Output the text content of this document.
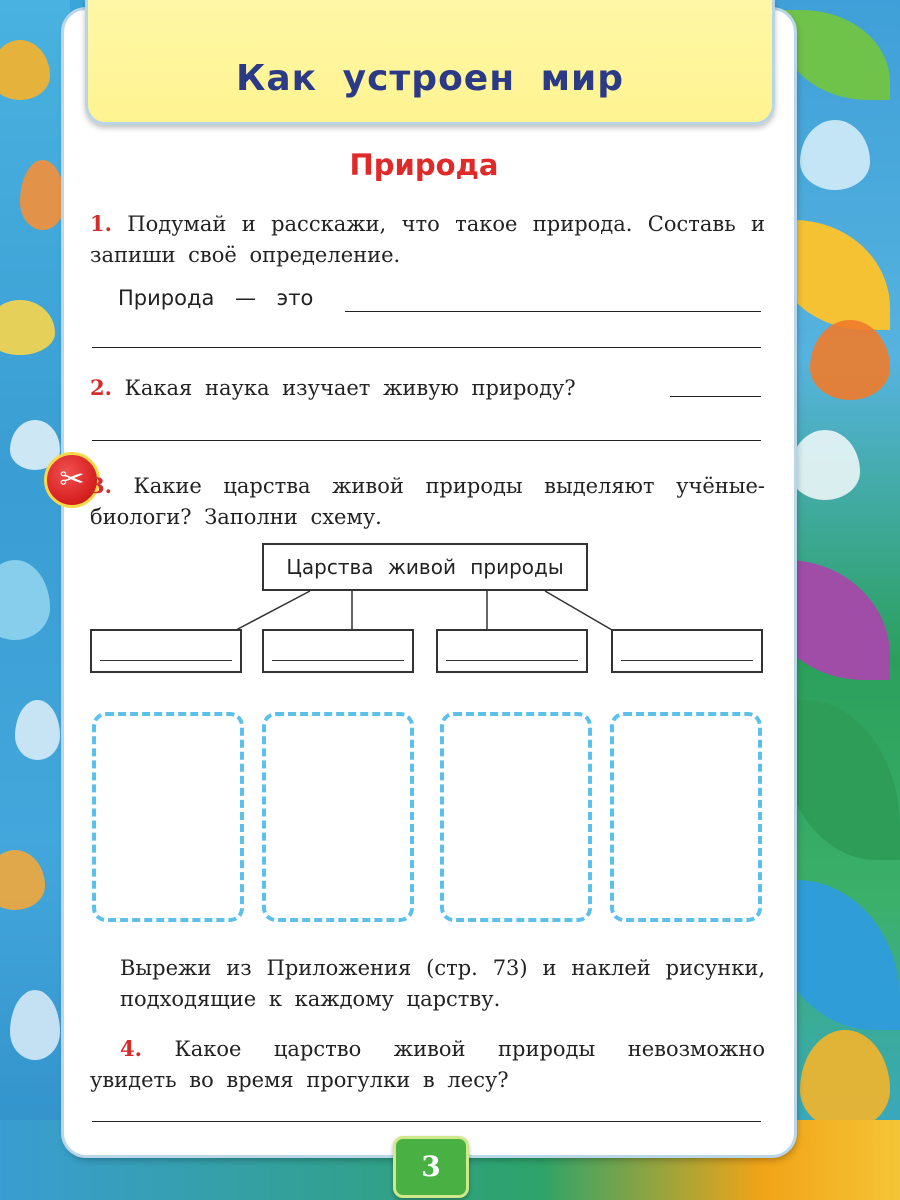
Как устроен мир
Природа
1. Подумай и расскажи, что такое природа. Составь и запиши своё определение.
Природа — это
2. Какая наука изучает живую природу?
✂ 3. Какие царства живой природы выделяют учёные-биологи? Заполни схему.
Царства живой природы
Вырежи из Приложения (стр. 73) и наклей рисунки, подходящие к каждому царству.
4. Какое царство живой природы невозможно увидеть во время прогулки в лесу?
3
